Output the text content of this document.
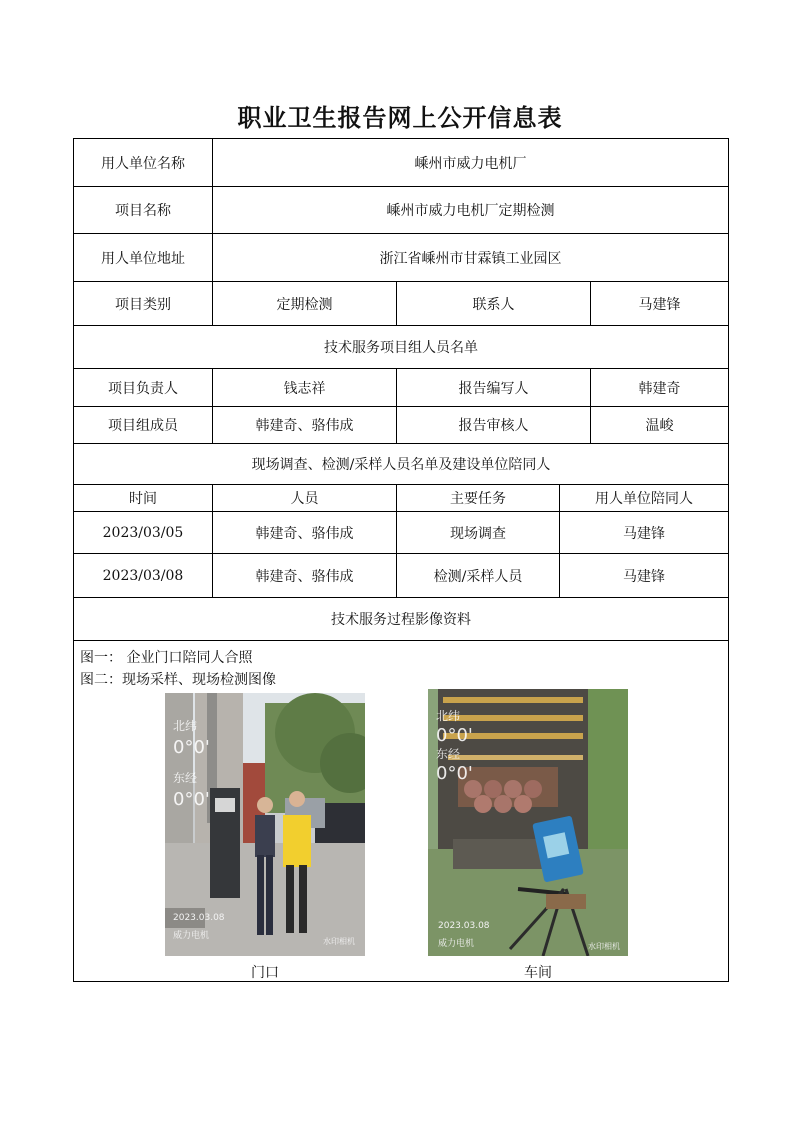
职业卫生报告网上公开信息表
用人单位名称	嵊州市威力电机厂
项目名称	嵊州市威力电机厂定期检测
用人单位地址	浙江省嵊州市甘霖镇工业园区
项目类别	定期检测	联系人	马建锋
技术服务项目组人员名单
项目负责人	钱志祥	报告编写人	韩建奇
项目组成员	韩建奇、骆伟成	报告审核人	温峻
现场调查、检测/采样人员名单及建设单位陪同人
时间	人员	主要任务	用人单位陪同人
2023/03/05	韩建奇、骆伟成	现场调查	马建锋
2023/03/08	韩建奇、骆伟成	检测/采样人员	马建锋
技术服务过程影像资料
图一： 企业门口陪同人合照
图二：现场采样、现场检测图像
北纬
0°0'
东经
0°0'
2023.03.08
威力电机
水印相机
北纬
0°0'
东经
0°0'
2023.03.08
威力电机	水印相机
门口	车间
